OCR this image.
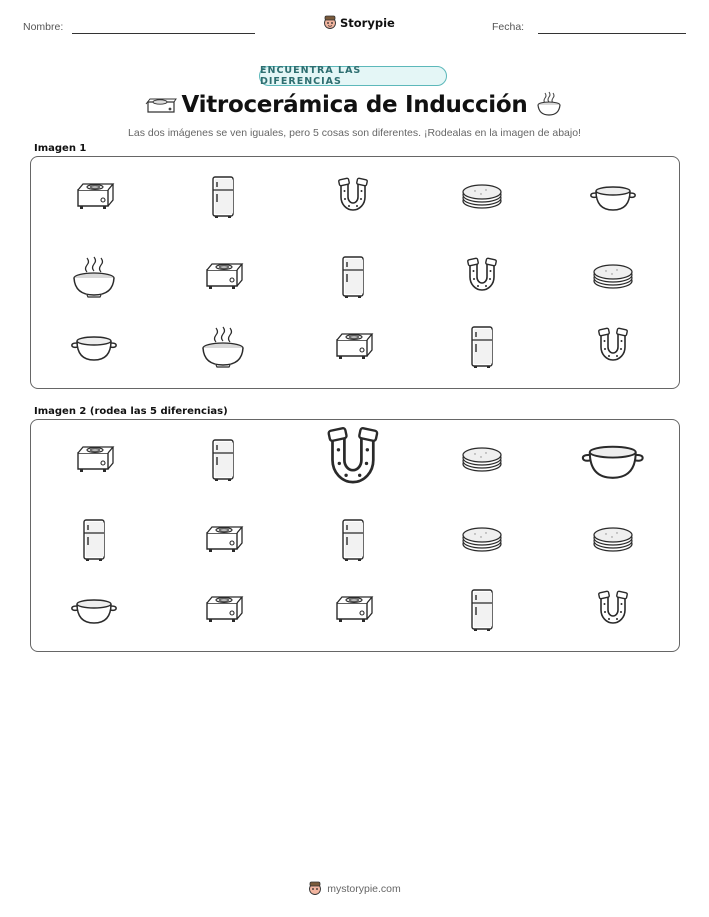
Nombre:	Storypie	Fecha:
ENCUENTRA LAS DIFERENCIAS
Vitrocerámica de Inducción
Las dos imágenes se ven iguales, pero 5 cosas son diferentes. ¡Rodealas en la imagen de abajo!
Imagen 1
Imagen 2 (rodea las 5 diferencias)
mystorypie.com
